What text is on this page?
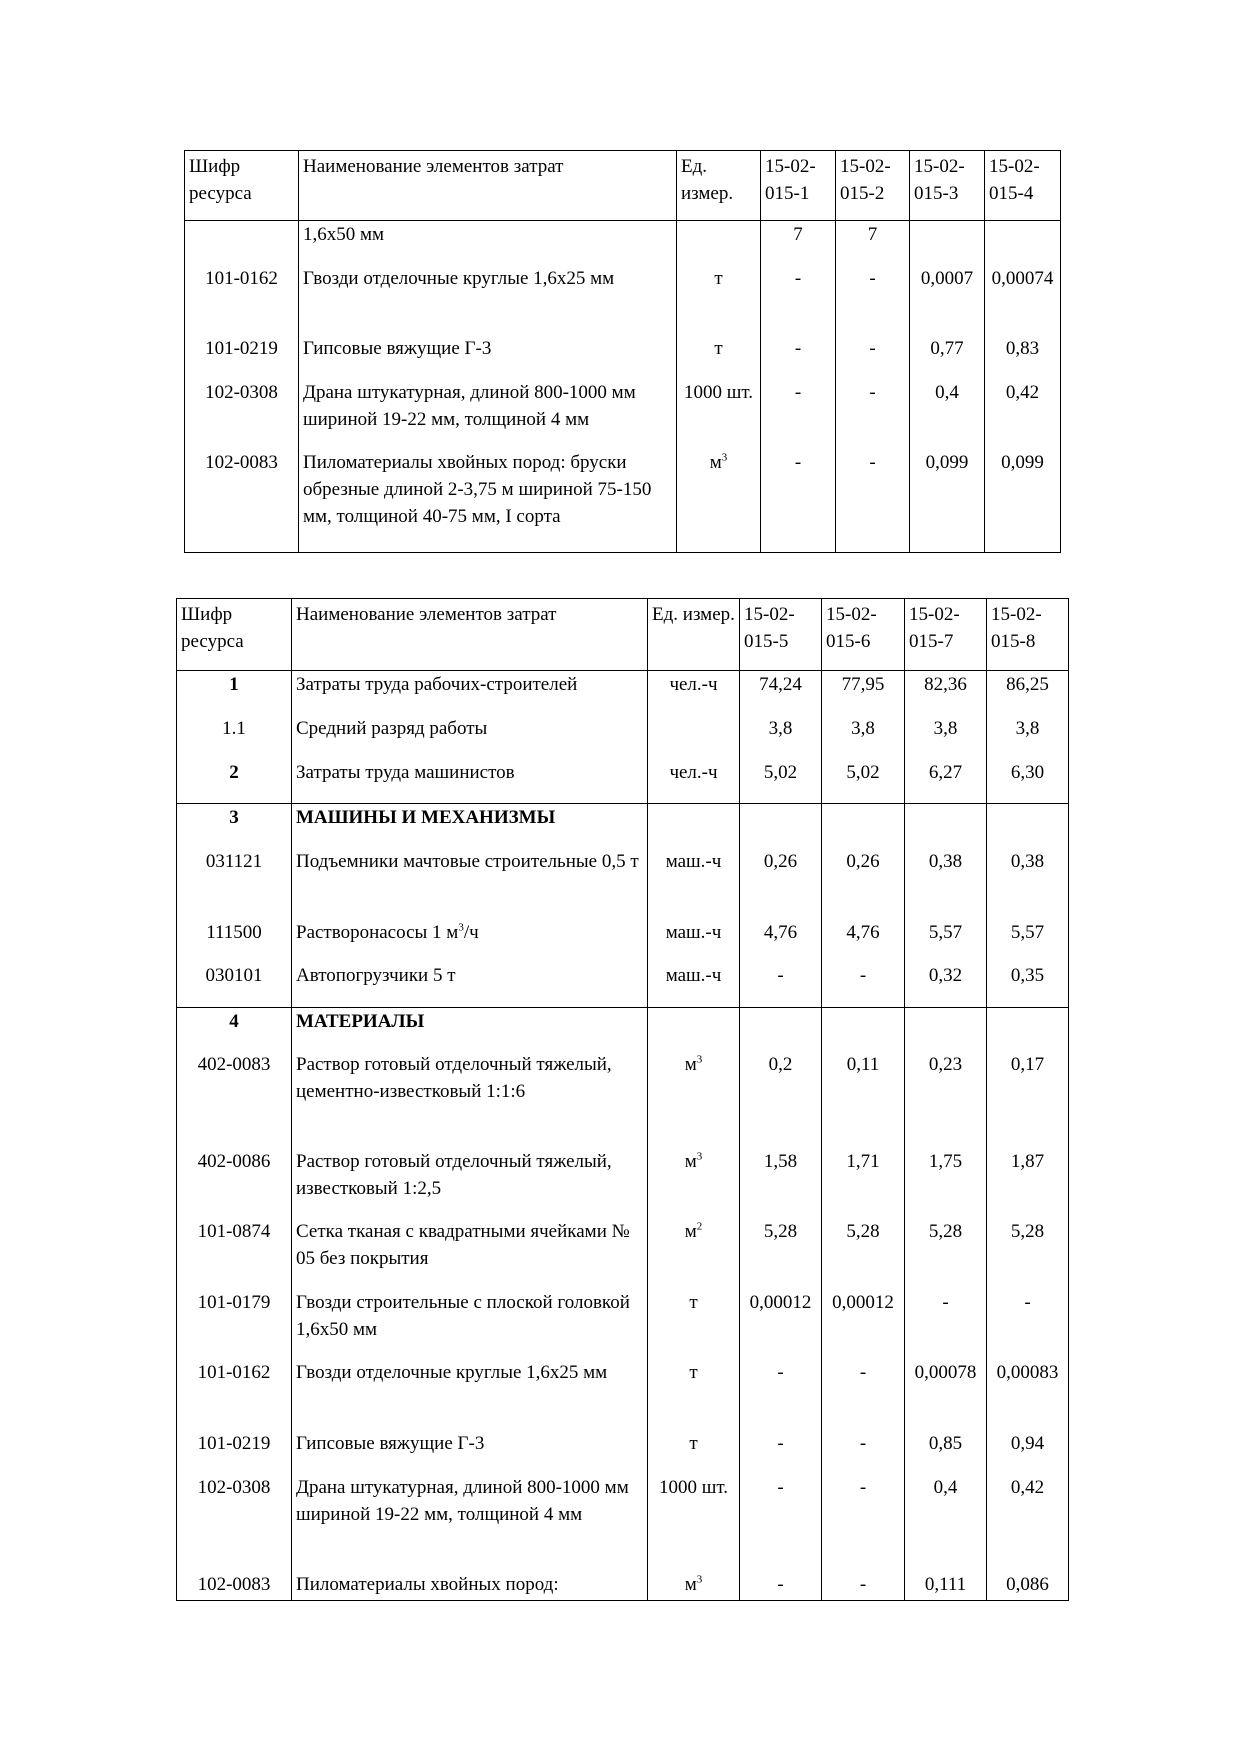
Шифр ресурса	Наименование элементов затрат	Ед. измер.	15-02-015-1	15-02-015-2	15-02-015-3	15-02-015-4
	1,6х50 мм		7	7		
101-0162	Гвозди отделочные круглые 1,6х25 мм	т	-	-	0,0007	0,00074
101-0219	Гипсовые вяжущие Г-3	т	-	-	0,77	0,83
102-0308	Драна штукатурная, длиной 800-1000 мм шириной 19-22 мм, толщиной 4 мм	1000 шт.	-	-	0,4	0,42
102-0083	Пиломатериалы хвойных пород: бруски обрезные длиной 2-3,75 м шириной 75-150 мм, толщиной 40-75 мм, I сорта	$м^3$	-	-	0,099	0,099
Шифр ресурса	Наименование элементов затрат	Ед. измер.	15-02-015-5	15-02-015-6	15-02-015-7	15-02-015-8
1	Затраты труда рабочих-строителей	чел.-ч	74,24	77,95	82,36	86,25
1.1	Средний разряд работы		3,8	3,8	3,8	3,8
2	Затраты труда машинистов	чел.-ч	5,02	5,02	6,27	6,30
3	МАШИНЫ И МЕХАНИЗМЫ					
031121	Подъемники мачтовые строительные 0,5 т	маш.-ч	0,26	0,26	0,38	0,38
111500	Растворонасосы 1 $м^3/ч$	маш.-ч	4,76	4,76	5,57	5,57
030101	Автопогрузчики 5 т	маш.-ч	-	-	0,32	0,35
4	МАТЕРИАЛЫ					
402-0083	Раствор готовый отделочный тяжелый, цементно-известковый 1:1:6	$м^3$	0,2	0,11	0,23	0,17
402-0086	Раствор готовый отделочный тяжелый, известковый 1:2,5	$м^3$	1,58	1,71	1,75	1,87
101-0874	Сетка тканая с квадратными ячейками № 05 без покрытия	$м^2$	5,28	5,28	5,28	5,28
101-0179	Гвозди строительные с плоской головкой 1,6х50 мм	т	0,00012	0,00012	-	-
101-0162	Гвозди отделочные круглые 1,6х25 мм	т	-	-	0,00078	0,00083
101-0219	Гипсовые вяжущие Г-3	т	-	-	0,85	0,94
102-0308	Драна штукатурная, длиной 800-1000 мм шириной 19-22 мм, толщиной 4 мм	1000 шт.	-	-	0,4	0,42
102-0083	Пиломатериалы хвойных пород:	$м^3$	-	-	0,111	0,086
